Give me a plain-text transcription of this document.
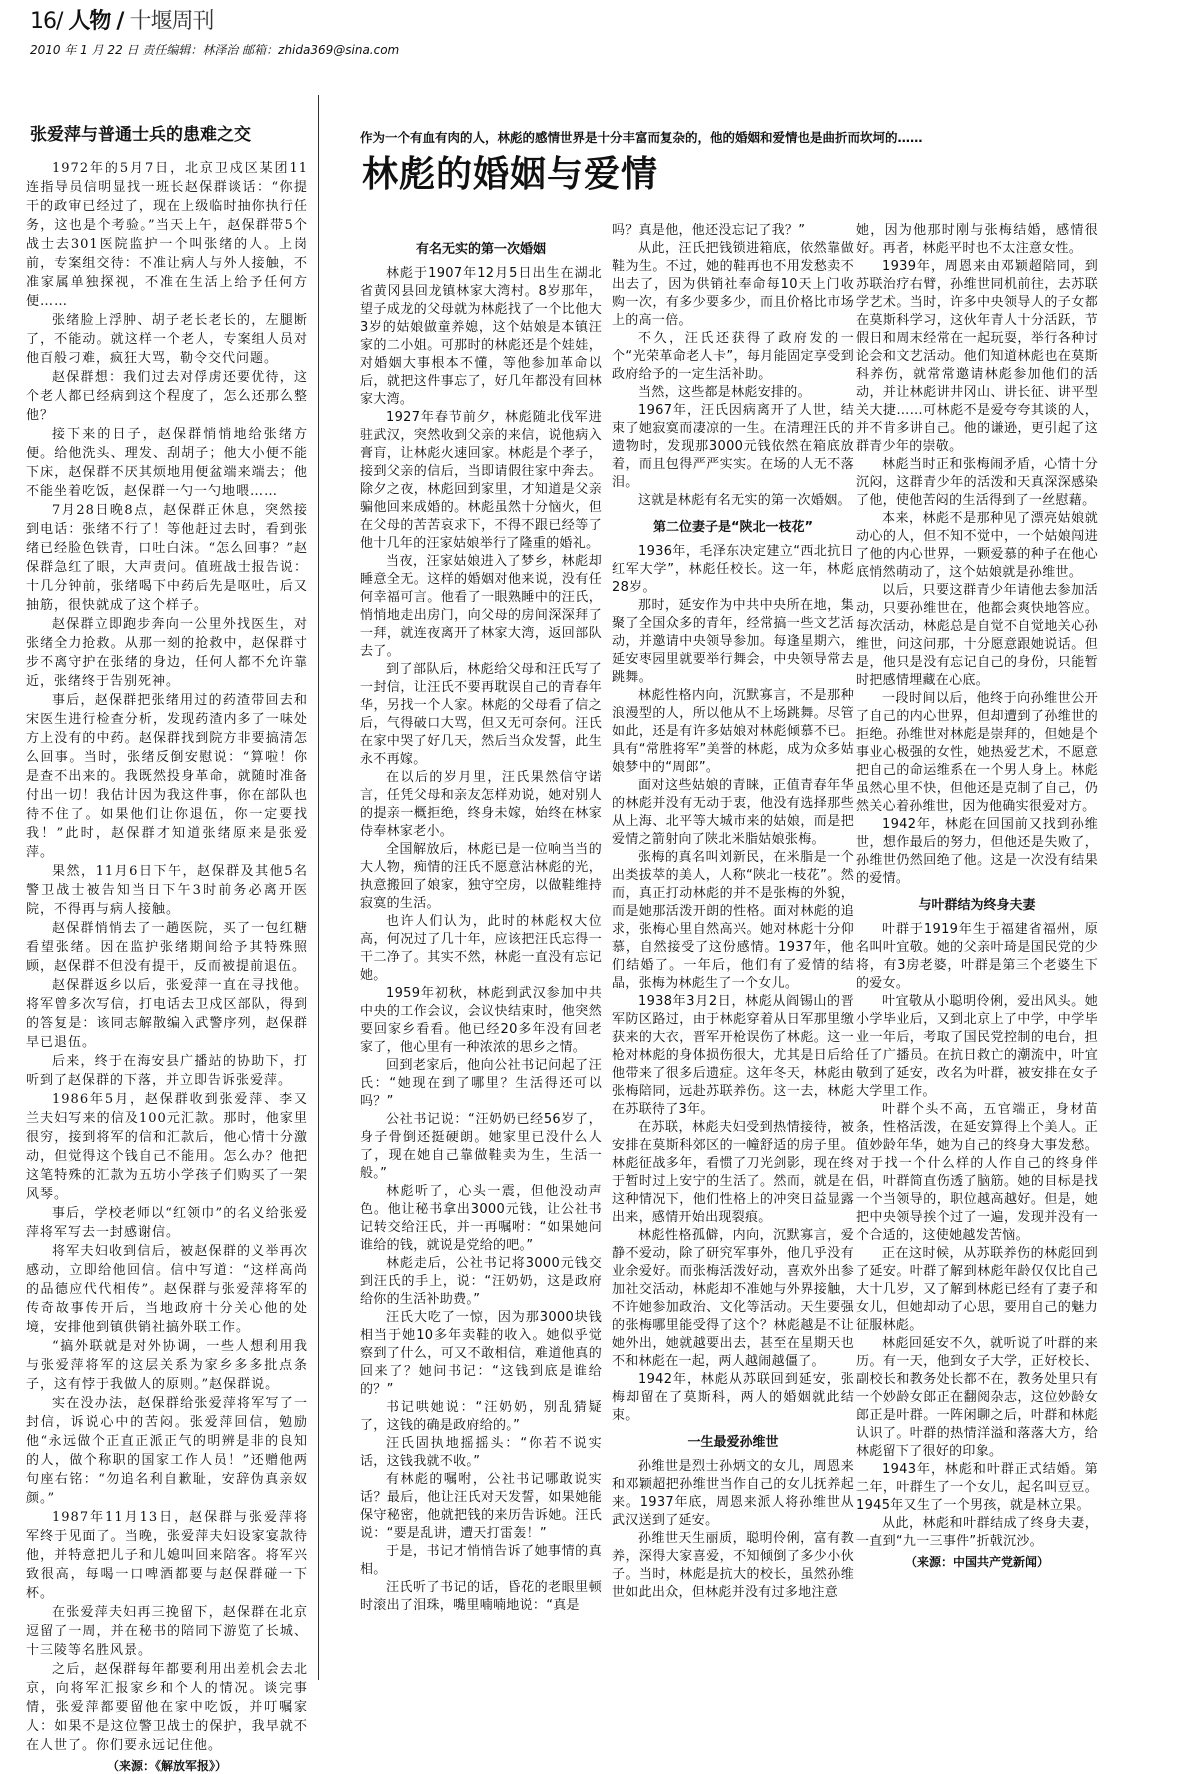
16/ 人物 / 十堰周刊
2010 年 1 月 22 日 责任编辑：林泽治 邮箱：zhida369@sina.com
张爱萍与普通士兵的患难之交

1972年的5月7日，北京卫戍区某团11连指导员信明显找一班长赵保群谈话：“你提干的政审已经过了，现在上级临时抽你执行任务，这也是个考验。”当天上午，赵保群带5个战士去301医院监护一个叫张绪的人。上岗前，专案组交待：不准让病人与外人接触，不准家属单独探视，不准在生活上给予任何方便……

张绪脸上浮肿、胡子老长老长的，左腿断了，不能动。就这样一个老人，专案组人员对他百般刁难，疯狂大骂，勒令交代问题。

赵保群想：我们过去对俘虏还要优待，这个老人都已经病到这个程度了，怎么还那么整他？

接下来的日子，赵保群悄悄地给张绪方便。给他洗头、理发、刮胡子；他大小便不能下床，赵保群不厌其烦地用便盆端来端去；他不能坐着吃饭，赵保群一勺一勺地喂……

7月28日晚8点，赵保群正休息，突然接到电话：张绪不行了！等他赶过去时，看到张绪已经脸色铁青，口吐白沫。“怎么回事？”赵保群急红了眼，大声责问。值班战士报告说：十几分钟前，张绪喝下中药后先是呕吐，后又抽筋，很快就成了这个样子。

赵保群立即跑步奔向一公里外找医生，对张绪全力抢救。从那一刻的抢救中，赵保群寸步不离守护在张绪的身边，任何人都不允许靠近，张绪终于告别死神。

事后，赵保群把张绪用过的药渣带回去和宋医生进行检查分析，发现药渣内多了一味处方上没有的中药。赵保群找到院方非要搞清怎么回事。当时，张绪反倒安慰说：“算啦！你是查不出来的。我既然投身革命，就随时准备付出一切！我估计因为我这件事，你在部队也待不住了。如果他们让你退伍，你一定要找我！”此时，赵保群才知道张绪原来是张爱萍。

果然，11月6日下午，赵保群及其他5名警卫战士被告知当日下午3时前务必离开医院，不得再与病人接触。

赵保群悄悄去了一趟医院，买了一包红糖看望张绪。因在监护张绪期间给予其特殊照顾，赵保群不但没有提干，反而被提前退伍。

赵保群返乡以后，张爱萍一直在寻找他。将军曾多次写信，打电话去卫戍区部队，得到的答复是：该同志解散编入武警序列，赵保群早已退伍。

后来，终于在海安县广播站的协助下，打听到了赵保群的下落，并立即告诉张爱萍。

1986年5月，赵保群收到张爱萍、李又兰夫妇写来的信及100元汇款。那时，他家里很穷，接到将军的信和汇款后，他心情十分激动，但觉得这个钱自己不能用。怎么办？他把这笔特殊的汇款为五坊小学孩子们购买了一架风琴。

事后，学校老师以“红领巾”的名义给张爱萍将军写去一封感谢信。

将军夫妇收到信后，被赵保群的义举再次感动，立即给他回信。信中写道：“这样高尚的品德应代代相传”。赵保群与张爱萍将军的传奇故事传开后，当地政府十分关心他的处境，安排他到镇供销社搞外联工作。

“搞外联就是对外协调，一些人想利用我与张爱萍将军的这层关系为家乡多多批点条子，这有悖于我做人的原则。”赵保群说。

实在没办法，赵保群给张爱萍将军写了一封信，诉说心中的苦闷。张爱萍回信，勉励他“永远做个正直正派正气的明辨是非的良知的人，做个称职的国家工作人员！”还赠他两句座右铭：“勿追名利自歉耻，安辞伪真亲奴颜。”

1987年11月13日，赵保群与张爱萍将军终于见面了。当晚，张爱萍夫妇设家宴款待他，并特意把儿子和儿媳叫回来陪客。将军兴致很高，每喝一口啤酒都要与赵保群碰一下杯。

在张爱萍夫妇再三挽留下，赵保群在北京逗留了一周，并在秘书的陪同下游览了长城、十三陵等名胜风景。

之后，赵保群每年都要利用出差机会去北京，向将军汇报家乡和个人的情况。谈完事情，张爱萍都要留他在家中吃饭，并叮嘱家人：如果不是这位警卫战士的保护，我早就不在人世了。你们要永远记住他。

（来源：《解放军报》）
作为一个有血有肉的人，林彪的感情世界是十分丰富而复杂的，他的婚姻和爱情也是曲折而坎坷的……
林彪的婚姻与爱情
有名无实的第一次婚姻

林彪于1907年12月5日出生在湖北省黄冈县回龙镇林家大湾村。8岁那年，望子成龙的父母就为林彪找了一个比他大3岁的姑娘做童养媳，这个姑娘是本镇汪家的二小姐。可那时的林彪还是个娃娃，对婚姻大事根本不懂，等他参加革命以后，就把这件事忘了，好几年都没有回林家大湾。

1927年春节前夕，林彪随北伐军进驻武汉，突然收到父亲的来信，说他病入膏肓，让林彪火速回家。林彪是个孝子，接到父亲的信后，当即请假往家中奔去。除夕之夜，林彪回到家里，才知道是父亲骗他回来成婚的。林彪虽然十分恼火，但在父母的苦苦哀求下，不得不跟已经等了他十几年的汪家姑娘举行了隆重的婚礼。

当夜，汪家姑娘进入了梦乡，林彪却睡意全无。这样的婚姻对他来说，没有任何幸福可言。他看了一眼熟睡中的汪氏，悄悄地走出房门，向父母的房间深深拜了一拜，就连夜离开了林家大湾，返回部队去了。

到了部队后，林彪给父母和汪氏写了一封信，让汪氏不要再耽误自己的青春年华，另找一个人家。林彪的父母看了信之后，气得破口大骂，但又无可奈何。汪氏在家中哭了好几天，然后当众发誓，此生永不再嫁。

在以后的岁月里，汪氏果然信守诺言，任凭父母和亲友怎样劝说，她对别人的提亲一概拒绝，终身未嫁，始终在林家侍奉林家老小。

全国解放后，林彪已是一位响当当的大人物，痴情的汪氏不愿意沾林彪的光，执意搬回了娘家，独守空房，以做鞋维持寂寞的生活。

也许人们认为，此时的林彪权大位高，何况过了几十年，应该把汪氏忘得一干二净了。其实不然，林彪一直没有忘记她。

1959年初秋，林彪到武汉参加中共中央的工作会议，会议快结束时，他突然要回家乡看看。他已经20多年没有回老家了，他心里有一种浓浓的思乡之情。

回到老家后，他向公社书记问起了汪氏：“她现在到了哪里？生活得还可以吗？”

公社书记说：“汪奶奶已经56岁了，身子骨倒还挺硬朗。她家里已没什么人了，现在她自己靠做鞋卖为生，生活一般。”

林彪听了，心头一震，但他没动声色。他让秘书拿出3000元钱，让公社书记转交给汪氏，并一再嘱咐：“如果她问谁给的钱，就说是党给的吧。”

林彪走后，公社书记将3000元钱交到汪氏的手上，说：“汪奶奶，这是政府给你的生活补助费。”

汪氏大吃了一惊，因为那3000块钱相当于她10多年卖鞋的收入。她似乎觉察到了什么，可又不敢相信，难道他真的回来了？她问书记：“这钱到底是谁给的？”

书记哄她说：“汪奶奶，别乱猜疑了，这钱的确是政府给的。”

汪氏固执地摇摇头：“你若不说实话，这钱我就不收。”

有林彪的嘱咐，公社书记哪敢说实话？最后，他让汪氏对天发誓，如果她能保守秘密，他就把钱的来历告诉她。汪氏说：“要是乱讲，遭天打雷轰！”

于是，书记才悄悄告诉了她事情的真相。

汪氏听了书记的话，昏花的老眼里顿时滚出了泪珠，嘴里喃喃地说：“真是

吗？真是他，他还没忘记了我？”

从此，汪氏把钱锁进箱底，依然靠做鞋为生。不过，她的鞋再也不用发愁卖不出去了，因为供销社奉命每10天上门收购一次，有多少要多少，而且价格比市场上的高一倍。

不久，汪氏还获得了政府发的一个“光荣革命老人卡”，每月能固定享受到政府给予的一定生活补助。

当然，这些都是林彪安排的。

1967年，汪氏因病离开了人世，结束了她寂寞而凄凉的一生。在清理汪氏的遗物时，发现那3000元钱依然在箱底放着，而且包得严严实实。在场的人无不落泪。

这就是林彪有名无实的第一次婚姻。

第二位妻子是“陕北一枝花”

1936年，毛泽东决定建立“西北抗日红军大学”，林彪任校长。这一年，林彪28岁。

那时，延安作为中共中央所在地，集聚了全国众多的青年，经常搞一些文艺活动，并邀请中央领导参加。每逢星期六，延安枣园里就要举行舞会，中央领导常去跳舞。

林彪性格内向，沉默寡言，不是那种浪漫型的人，所以他从不上场跳舞。尽管如此，还是有许多姑娘对林彪倾慕不已。具有“常胜将军”美誉的林彪，成为众多姑娘梦中的“周郎”。

面对这些姑娘的青睐，正值青春年华的林彪并没有无动于衷，他没有选择那些从上海、北平等大城市来的姑娘，而是把爱情之箭射向了陕北米脂姑娘张梅。

张梅的真名叫刘新民，在米脂是一个出类拔萃的美人，人称“陕北一枝花”。然而，真正打动林彪的并不是张梅的外貌，而是她那活泼开朗的性格。面对林彪的追求，张梅心里自然高兴。她对林彪十分仰慕，自然接受了这份感情。1937年，他们结婚了。一年后，他们有了爱情的结晶，张梅为林彪生了一个女儿。

1938年3月2日，林彪从阎锡山的晋军防区路过，由于林彪穿着从日军那里缴获来的大衣，晋军开枪误伤了林彪。这一枪对林彪的身体损伤很大，尤其是日后给他带来了很多后遗症。这年冬天，林彪由张梅陪同，远赴苏联养伤。这一去，林彪在苏联待了3年。

在苏联，林彪夫妇受到热情接待，被安排在莫斯科郊区的一幢舒适的房子里。林彪征战多年，看惯了刀光剑影，现在终于暂时过上安宁的生活了。然而，就是在这种情况下，他们性格上的冲突日益显露出来，感情开始出现裂痕。

林彪性格孤僻，内向，沉默寡言，爱静不爱动，除了研究军事外，他几乎没有业余爱好。而张梅活泼好动，喜欢外出参加社交活动，林彪却不准她与外界接触，不许她参加政治、文化等活动。天生要强的张梅哪里能受得了这个？林彪越是不让她外出，她就越要出去，甚至在星期天也不和林彪在一起，两人越闹越僵了。

1942年，林彪从苏联回到延安，张梅却留在了莫斯科，两人的婚姻就此结束。

一生最爱孙维世

孙维世是烈士孙炳文的女儿，周恩来和邓颖超把孙维世当作自己的女儿抚养起来。1937年底，周恩来派人将孙维世从武汉送到了延安。

孙维世天生丽质，聪明伶俐，富有教养，深得大家喜爱，不知倾倒了多少小伙子。当时，林彪是抗大的校长，虽然孙维世如此出众，但林彪并没有过多地注意

她，因为他那时刚与张梅结婚，感情很好。再者，林彪平时也不太注意女性。

1939年，周恩来由邓颖超陪同，到苏联治疗右臂，孙维世同机前往，去苏联学艺术。当时，许多中央领导人的子女都在莫斯科学习，这伙年青人十分活跃，节假日和周末经常在一起玩耍，举行各种讨论会和文艺活动。他们知道林彪也在莫斯科养伤，就常常邀请林彪参加他们的活动，并让林彪讲井冈山、讲长征、讲平型关大捷……可林彪不是爱夸夸其谈的人，并不肯多讲自己。他的谦逊，更引起了这群青少年的崇敬。

林彪当时正和张梅闹矛盾，心情十分沉闷，这群青少年的活泼和天真深深感染了他，使他苦闷的生活得到了一丝慰藉。

本来，林彪不是那种见了漂亮姑娘就动心的人，但不知不觉中，一个姑娘闯进了他的内心世界，一颗爱慕的种子在他心底悄然萌动了，这个姑娘就是孙维世。

以后，只要这群青少年请他去参加活动，只要孙维世在，他都会爽快地答应。每次活动，林彪总是自觉不自觉地关心孙维世，问这问那，十分愿意跟她说话。但是，他只是没有忘记自己的身份，只能暂时把感情埋藏在心底。

一段时间以后，他终于向孙维世公开了自己的内心世界，但却遭到了孙维世的拒绝。孙维世对林彪是崇拜的，但她是个事业心极强的女性，她热爱艺术，不愿意把自己的命运维系在一个男人身上。林彪虽然心里不快，但他还是克制了自己，仍然关心着孙维世，因为他确实很爱对方。

1942年，林彪在回国前又找到孙维世，想作最后的努力，但他还是失败了，孙维世仍然回绝了他。这是一次没有结果的爱情。

与叶群结为终身夫妻

叶群于1919年生于福建省福州，原名叫叶宜敬。她的父亲叶琦是国民党的少将，有3房老婆，叶群是第三个老婆生下的爱女。

叶宜敬从小聪明伶俐，爱出风头。她小学毕业后，又到北京上了中学，中学毕业一年后，考取了国民党控制的电台，担任了广播员。在抗日救亡的潮流中，叶宜敬到了延安，改名为叶群，被安排在女子大学里工作。

叶群个头不高，五官端正，身材苗条，性格活泼，在延安算得上个美人。正值妙龄年华，她为自己的终身大事发愁。对于找一个什么样的人作自己的终身伴侣，叶群简直伤透了脑筋。她的目标是找一个当领导的，职位越高越好。但是，她把中央领导挨个过了一遍，发现并没有一个合适的，这使她越发苦恼。

正在这时候，从苏联养伤的林彪回到了延安。叶群了解到林彪年龄仅仅比自己大十几岁，又了解到林彪已经有了妻子和女儿，但她却动了心思，要用自己的魅力征服林彪。

林彪回延安不久，就听说了叶群的来历。有一天，他到女子大学，正好校长、副校长和教务处长都不在，教务处里只有一个妙龄女郎正在翻阅杂志，这位妙龄女郎正是叶群。一阵闲聊之后，叶群和林彪认识了。叶群的热情洋溢和落落大方，给林彪留下了很好的印象。

1943年，林彪和叶群正式结婚。第二年，叶群生了一个女儿，起名叫豆豆。1945年又生了一个男孩，就是林立果。

从此，林彪和叶群结成了终身夫妻，一直到“九一三事件”折戟沉沙。

（来源：中国共产党新闻）
